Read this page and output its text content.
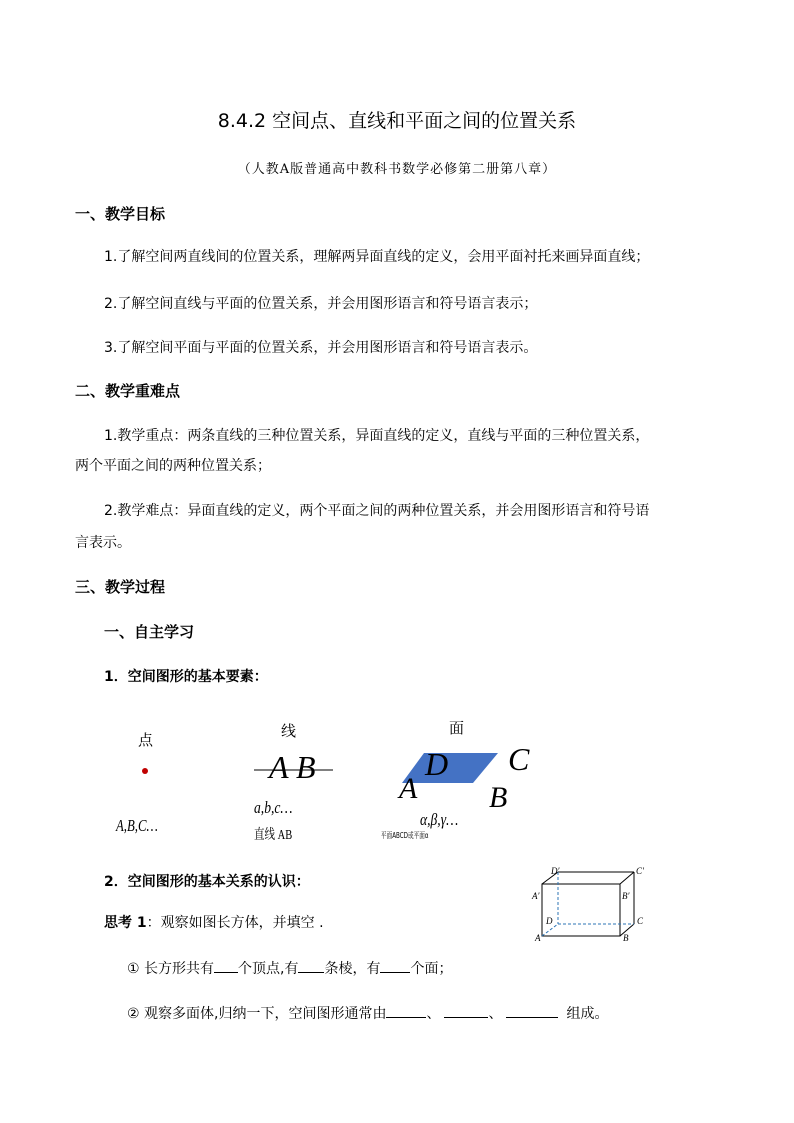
8.4.2 空间点、直线和平面之间的位置关系
（人教A版普通高中教科书数学必修第二册第八章）
一、教学目标
1.了解空间两直线间的位置关系，理解两异面直线的定义，会用平面衬托来画异面直线；
2.了解空间直线与平面的位置关系，并会用图形语言和符号语言表示；
3.了解空间平面与平面的位置关系，并会用图形语言和符号语言表示。
二、教学重难点
1.教学重点：两条直线的三种位置关系，异面直线的定义，直线与平面的三种位置关系，
两个平面之间的两种位置关系；
2.教学难点：异面直线的定义，两个平面之间的两种位置关系，并会用图形语言和符号语
言表示。
三、教学过程
一、自主学习
1．空间图形的基本要素：
点	线	面
A B
A B
C
D
A,B,C…
a,b,c…
直线 AB	平面ABCD或平面α
α,β,γ…
2．空间图形的基本关系的认识：
D′	C′
A′	B′
D	C
A	B
思考 1：观察如图长方体，并填空 .
① 长方形共有 个顶点,有 条棱，有 个面；
② 观察多面体,归纳一下，空间图形通常由	、	、	组成。
